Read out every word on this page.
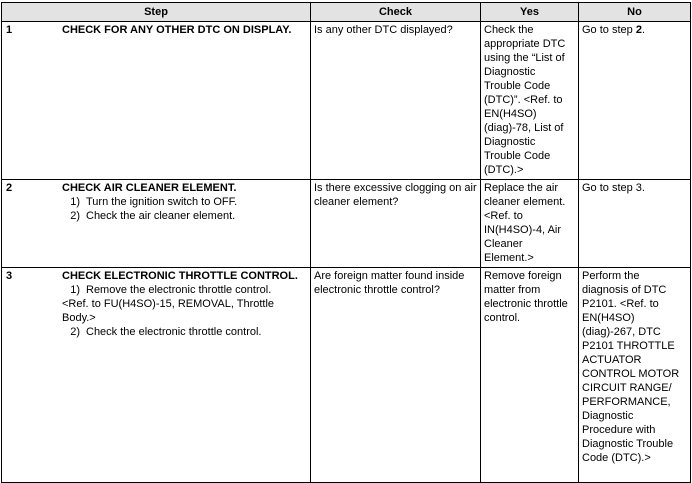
Step	Check	Yes	No

1 CHECK FOR ANY OTHER DTC ON DISPLAY.	Is any other DTC displayed?	Check the appropriate DTC using the “List of Diagnostic Trouble Code (DTC)”. <Ref. to EN(H4SO)(diag)-78, List of Diagnostic Trouble Code (DTC).>	Go to step 2.

2 CHECK AIR CLEANER ELEMENT.
1) Turn the ignition switch to OFF.
2) Check the air cleaner element.	Is there excessive clogging on air cleaner element?	Replace the air cleaner element. <Ref. to IN(H4SO)-4, Air Cleaner Element.>	Go to step 3.

3 CHECK ELECTRONIC THROTTLE CONTROL.
1) Remove the electronic throttle control.
<Ref. to FU(H4SO)-15, REMOVAL, Throttle Body.>
2) Check the electronic throttle control.	Are foreign matter found inside electronic throttle control?	Remove foreign matter from electronic throttle control.	Perform the diagnosis of DTC P2101. <Ref. to EN(H4SO)(diag)-267, DTC P2101 THROTTLE ACTUATOR CONTROL MOTOR CIRCUIT RANGE/ PERFORMANCE, Diagnostic Procedure with Diagnostic Trouble Code (DTC).>
